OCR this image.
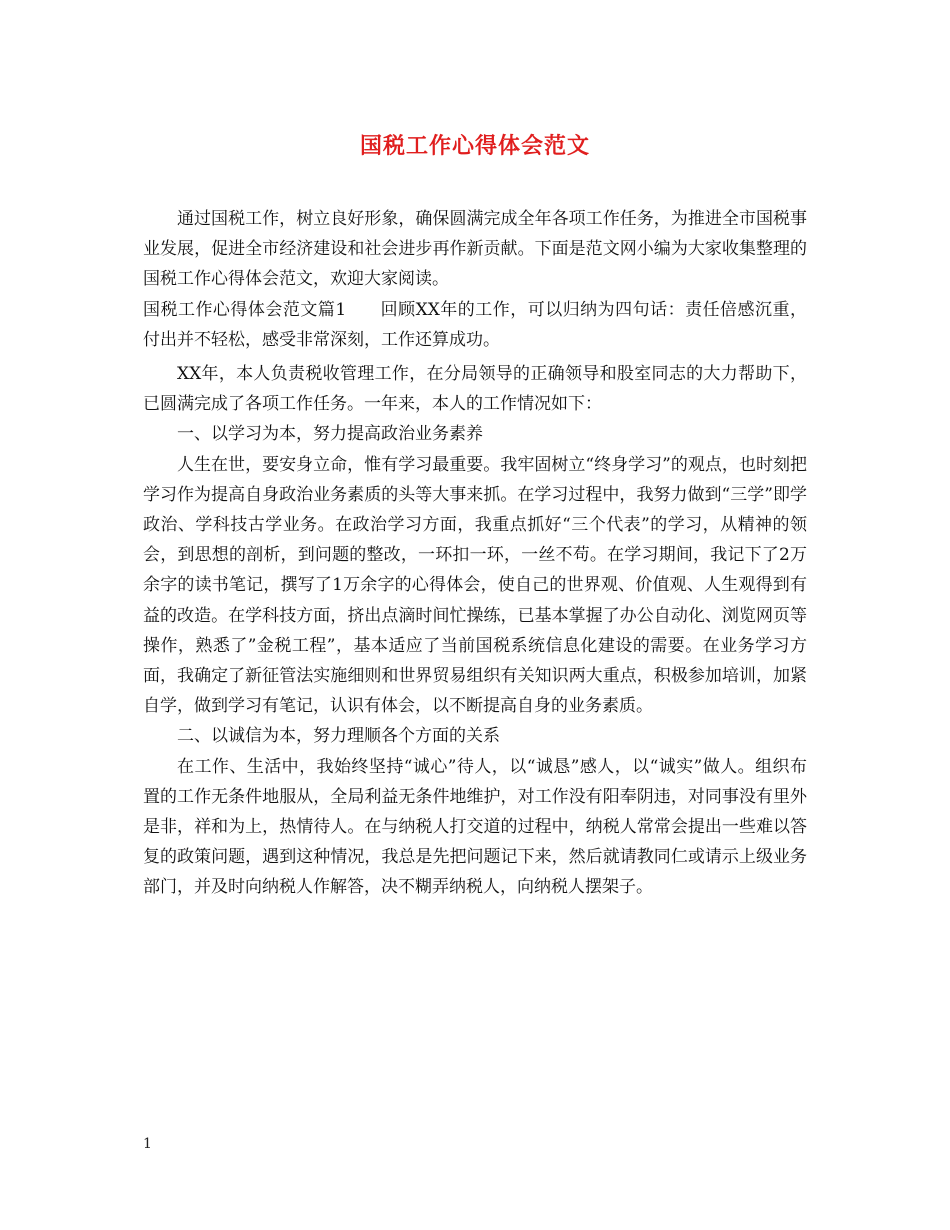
国税工作心得体会范文

通过国税工作，树立良好形象，确保圆满完成全年各项工作任务，为推进全市国税事业发展，促进全市经济建设和社会进步再作新贡献。下面是范文网小编为大家收集整理的国税工作心得体会范文，欢迎大家阅读。

国税工作心得体会范文篇1 回顾XX年的工作，可以归纳为四句话：责任倍感沉重，付出并不轻松，感受非常深刻，工作还算成功。

XX年，本人负责税收管理工作，在分局领导的正确领导和股室同志的大力帮助下，已圆满完成了各项工作任务。一年来，本人的工作情况如下：

一、以学习为本，努力提高政治业务素养

人生在世，要安身立命，惟有学习最重要。我牢固树立“终身学习”的观点，也时刻把学习作为提高自身政治业务素质的头等大事来抓。在学习过程中，我努力做到“三学”即学政治、学科技古学业务。在政治学习方面，我重点抓好“三个代表”的学习，从精神的领会，到思想的剖析，到问题的整改，一环扣一环，一丝不苟。在学习期间，我记下了2万余字的读书笔记，撰写了1万余字的心得体会，使自己的世界观、价值观、人生观得到有益的改造。在学科技方面，挤出点滴时间忙操练，已基本掌握了办公自动化、浏览网页等操作，熟悉了”金税工程”，基本适应了当前国税系统信息化建设的需要。在业务学习方面，我确定了新征管法实施细则和世界贸易组织有关知识两大重点，积极参加培训，加紧自学，做到学习有笔记，认识有体会，以不断提高自身的业务素质。

二、以诚信为本，努力理顺各个方面的关系

在工作、生活中，我始终坚持“诚心”待人，以“诚恳”感人，以“诚实”做人。组织布置的工作无条件地服从，全局利益无条件地维护，对工作没有阳奉阴违，对同事没有里外是非，祥和为上，热情待人。在与纳税人打交道的过程中，纳税人常常会提出一些难以答复的政策问题，遇到这种情况，我总是先把问题记下来，然后就请教同仁或请示上级业务部门，并及时向纳税人作解答，决不糊弄纳税人，向纳税人摆架子。

1
